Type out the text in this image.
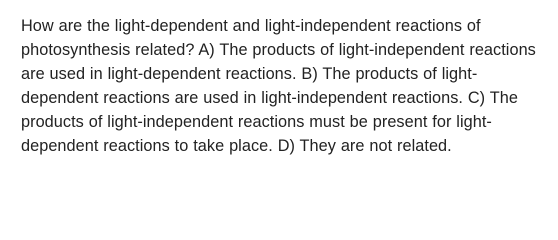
How are the light-dependent and light-independent reactions of photosynthesis related? A) The products of light-independent reactions are used in light-dependent reactions. B) The products of light-dependent reactions are used in light-independent reactions. C) The products of light-independent reactions must be present for light-dependent reactions to take place. D) They are not related.
